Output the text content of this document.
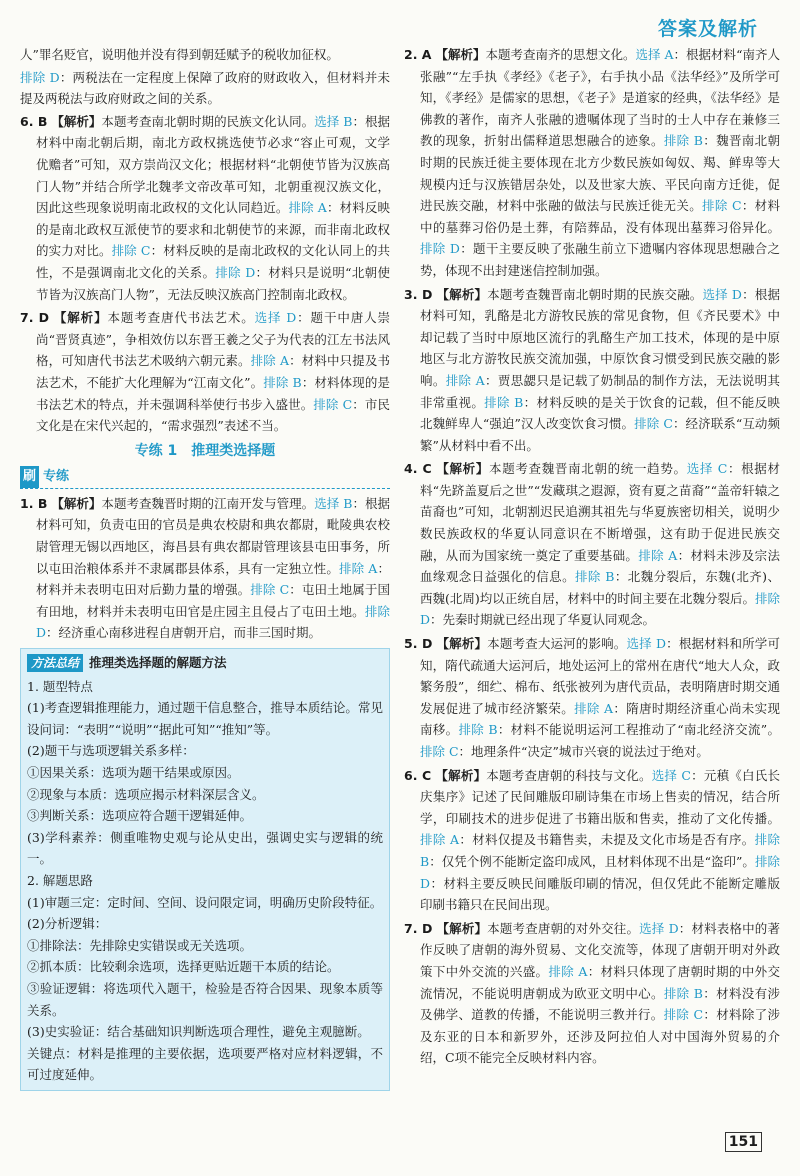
答案及解析

人”罪名贬官，说明他并没有得到朝廷赋予的税收加征权。

排除 D：两税法在一定程度上保障了政府的财政收入，但材料并未提及两税法与政府财政之间的关系。

6. B 【解析】本题考查南北朝时期的民族文化认同。选择 B：根据材料中南北朝后期，南北方政权挑选使节必求“容止可观，文学优赡者”可知，双方崇尚汉文化；根据材料“北朝使节皆为汉族高门人物”并结合所学北魏孝文帝改革可知，北朝重视汉族文化，因此这些现象说明南北政权的文化认同趋近。排除 A：材料反映的是南北政权互派使节的要求和北朝使节的来源，而非南北政权的实力对比。排除 C：材料反映的是南北政权的文化认同上的共性，不是强调南北文化的关系。排除 D：材料只是说明“北朝使节皆为汉族高门人物”，无法反映汉族高门控制南北政权。

7. D 【解析】本题考查唐代书法艺术。选择 D：题干中唐人崇尚“晋贤真迹”，争相效仿以东晋王羲之父子为代表的江左书法风格，可知唐代书法艺术吸纳六朝元素。排除 A：材料中只提及书法艺术，不能扩大化理解为“江南文化”。排除 B：材料体现的是书法艺术的特点，并未强调科举使行书步入盛世。排除 C：市民文化是在宋代兴起的，“需求强烈”表述不当。

专练 1　推理类选择题
刷 专练

1. B 【解析】本题考查魏晋时期的江南开发与管理。选择 B：根据材料可知，负责屯田的官员是典农校尉和典农都尉，毗陵典农校尉管理无锡以西地区，海昌县有典农都尉管理该县屯田事务，所以屯田治粮体系并不隶属郡县体系，具有一定独立性。排除 A：材料并未表明屯田对后勤力量的增强。排除 C：屯田土地属于国有田地，材料并未表明屯田官是庄园主且侵占了屯田土地。排除 D：经济重心南移进程自唐朝开启，而非三国时期。

方法总结 推理类选择题的解题方法

1. 题型特点

(1)考查逻辑推理能力，通过题干信息整合，推导本质结论。常见设问词：“表明”“说明”“据此可知”“推知”等。

(2)题干与选项逻辑关系多样：

①因果关系：选项为题干结果或原因。

②现象与本质：选项应揭示材料深层含义。

③判断关系：选项应符合题干逻辑延伸。

(3)学科素养：侧重唯物史观与论从史出，强调史实与逻辑的统一。

2. 解题思路

(1)审题三定：定时间、空间、设问限定词，明确历史阶段特征。

(2)分析逻辑：

①排除法：先排除史实错误或无关选项。

②抓本质：比较剩余选项，选择更贴近题干本质的结论。

③验证逻辑：将选项代入题干，检验是否符合因果、现象本质等关系。

(3)史实验证：结合基础知识判断选项合理性，避免主观臆断。

关键点：材料是推理的主要依据，选项要严格对应材料逻辑，不可过度延伸。

2. A 【解析】本题考查南齐的思想文化。选择 A：根据材料“南齐人张融”“左手执《孝经》《老子》，右手执小品《法华经》”及所学可知，《孝经》是儒家的思想，《老子》是道家的经典，《法华经》是佛教的著作，南齐人张融的遗嘱体现了当时的士人中存在兼修三教的现象，折射出儒释道思想融合的迹象。排除 B：魏晋南北朝时期的民族迁徙主要体现在北方少数民族如匈奴、羯、鲜卑等大规模内迁与汉族错居杂处，以及世家大族、平民向南方迁徙，促进民族交融，材料中张融的做法与民族迁徙无关。排除 C：材料中的墓葬习俗仍是土葬，有陪葬品，没有体现出墓葬习俗异化。排除 D：题干主要反映了张融生前立下遗嘱内容体现思想融合之势，体现不出封建迷信控制加强。

3. D 【解析】本题考查魏晋南北朝时期的民族交融。选择 D：根据材料可知，乳酪是北方游牧民族的常见食物，但《齐民要术》中却记载了当时中原地区流行的乳酪生产加工技术，体现的是中原地区与北方游牧民族交流加强，中原饮食习惯受到民族交融的影响。排除 A：贾思勰只是记载了奶制品的制作方法，无法说明其非常重视。排除 B：材料反映的是关于饮食的记载，但不能反映北魏鲜卑人“强迫”汉人改变饮食习惯。排除 C：经济联系“互动频繁”从材料中看不出。

4. C 【解析】本题考查魏晋南北朝的统一趋势。选择 C：根据材料“先跻盖夏后之世”“发藏琪之遐源，资有夏之苗裔”“盖帝轩辕之苗裔也”可知，北朝割迟民追溯其祖先与华夏族密切相关，说明少数民族政权的华夏认同意识在不断增强，这有助于促进民族交融，从而为国家统一奠定了重要基础。排除 A：材料未涉及宗法血缘观念日益强化的信息。排除 B：北魏分裂后，东魏(北齐)、西魏(北周)均以正统自居，材料中的时间主要在北魏分裂后。排除 D：先秦时期就已经出现了华夏认同观念。

5. D 【解析】本题考查大运河的影响。选择 D：根据材料和所学可知，隋代疏通大运河后，地处运河上的常州在唐代“地大人众，政繁务殷”，细纻、棉布、纸张被列为唐代贡品，表明隋唐时期交通发展促进了城市经济繁荣。排除 A：隋唐时期经济重心尚未实现南移。排除 B：材料不能说明运河工程推动了“南北经济交流”。排除 C：地理条件“决定”城市兴衰的说法过于绝对。

6. C 【解析】本题考查唐朝的科技与文化。选择 C：元稹《白氏长庆集序》记述了民间雕版印刷诗集在市场上售卖的情况，结合所学，印刷技术的进步促进了书籍出版和售卖，推动了文化传播。排除 A：材料仅提及书籍售卖，未提及文化市场是否有序。排除 B：仅凭个例不能断定盗印成风，且材料体现不出是“盗印”。排除 D：材料主要反映民间雕版印刷的情况，但仅凭此不能断定雕版印刷书籍只在民间出现。

7. D 【解析】本题考查唐朝的对外交往。选择 D：材料表格中的著作反映了唐朝的海外贸易、文化交流等，体现了唐朝开明对外政策下中外交流的兴盛。排除 A：材料只体现了唐朝时期的中外交流情况，不能说明唐朝成为欧亚文明中心。排除 B：材料没有涉及佛学、道教的传播，不能说明三教并行。排除 C：材料除了涉及东亚的日本和新罗外，还涉及阿拉伯人对中国海外贸易的介绍，C项不能完全反映材料内容。

151
